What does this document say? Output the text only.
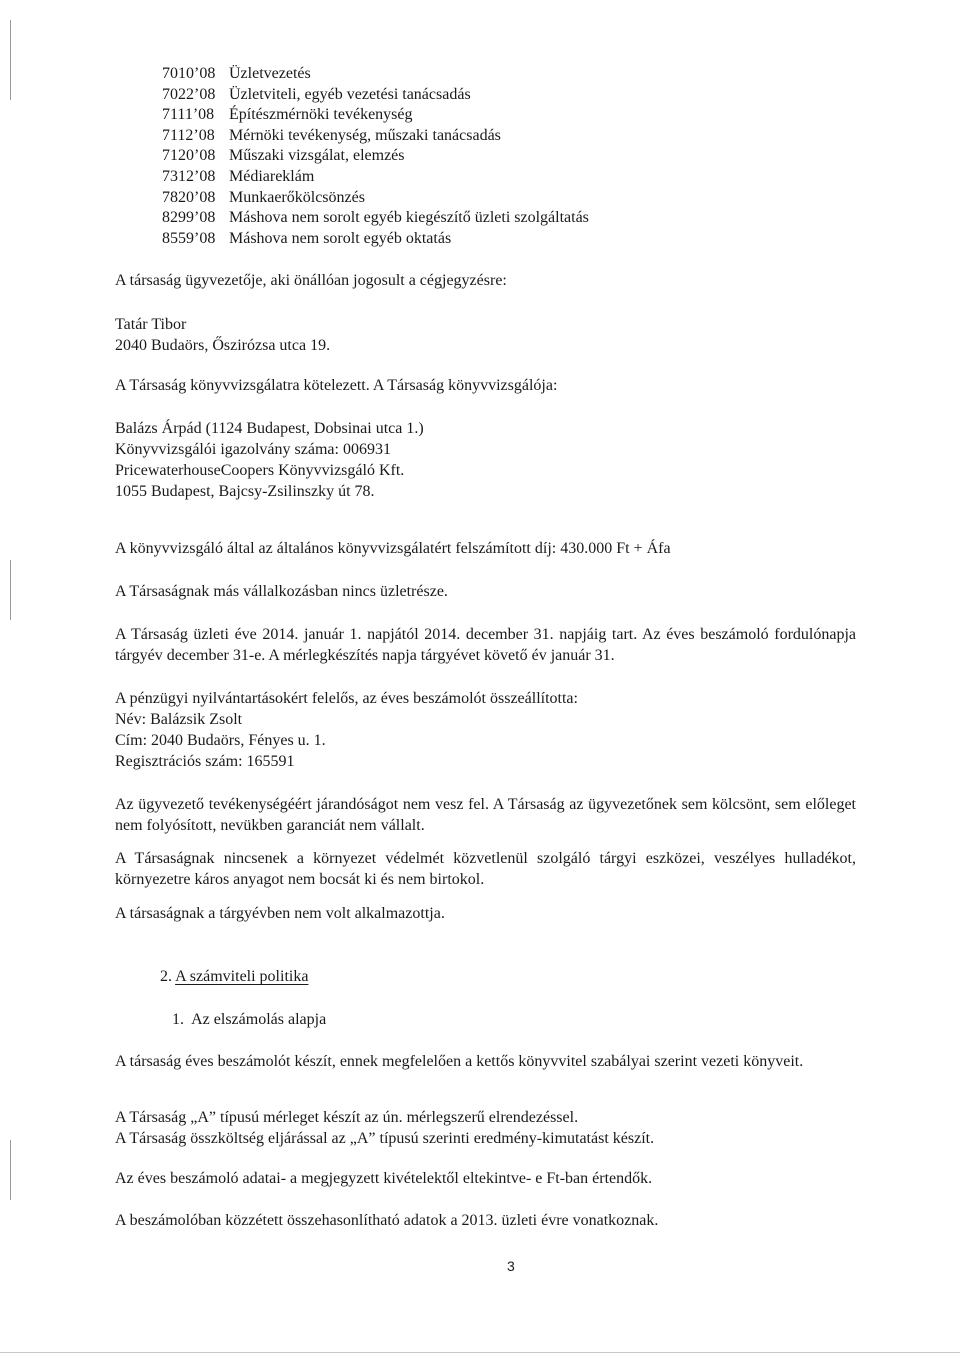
7010’08 Üzletvezetés
7022’08 Üzletviteli, egyéb vezetési tanácsadás
7111’08 Építészmérnöki tevékenység
7112’08 Mérnöki tevékenység, műszaki tanácsadás
7120’08 Műszaki vizsgálat, elemzés
7312’08 Médiareklám
7820’08 Munkaerőkölcsönzés
8299’08 Máshova nem sorolt egyéb kiegészítő üzleti szolgáltatás
8559’08 Máshova nem sorolt egyéb oktatás
A társaság ügyvezetője, aki önállóan jogosult a cégjegyzésre:
Tatár Tibor
2040 Budaörs, Őszirózsa utca 19.
A Társaság könyvvizsgálatra kötelezett. A Társaság könyvvizsgálója:
Balázs Árpád (1124 Budapest, Dobsinai utca 1.)
Könyvvizsgálói igazolvány száma: 006931
PricewaterhouseCoopers Könyvvizsgáló Kft.
1055 Budapest, Bajcsy-Zsilinszky út 78.
A könyvvizsgáló által az általános könyvvizsgálatért felszámított díj: 430.000 Ft + Áfa
A Társaságnak más vállalkozásban nincs üzletrésze.
A Társaság üzleti éve 2014. január 1. napjától 2014. december 31. napjáig tart. Az éves beszámoló fordulónapja tárgyév december 31-e. A mérlegkészítés napja tárgyévet követő év január 31.
A pénzügyi nyilvántartásokért felelős, az éves beszámolót összeállította:
Név: Balázsik Zsolt
Cím: 2040 Budaörs, Fényes u. 1.
Regisztrációs szám: 165591
Az ügyvezető tevékenységéért járandóságot nem vesz fel. A Társaság az ügyvezetőnek sem kölcsönt, sem előleget nem folyósított, nevükben garanciát nem vállalt.
A Társaságnak nincsenek a környezet védelmét közvetlenül szolgáló tárgyi eszközei, veszélyes hulladékot, környezetre káros anyagot nem bocsát ki és nem birtokol.
A társaságnak a tárgyévben nem volt alkalmazottja.
2. A számviteli politika
1. Az elszámolás alapja
A társaság éves beszámolót készít, ennek megfelelően a kettős könyvvitel szabályai szerint vezeti könyveit.
A Társaság „A” típusú mérleget készít az ún. mérlegszerű elrendezéssel.
A Társaság összköltség eljárással az „A” típusú szerinti eredmény-kimutatást készít.
Az éves beszámoló adatai- a megjegyzett kivételektől eltekintve- e Ft-ban értendők.
A beszámolóban közzétett összehasonlítható adatok a 2013. üzleti évre vonatkoznak.
3
